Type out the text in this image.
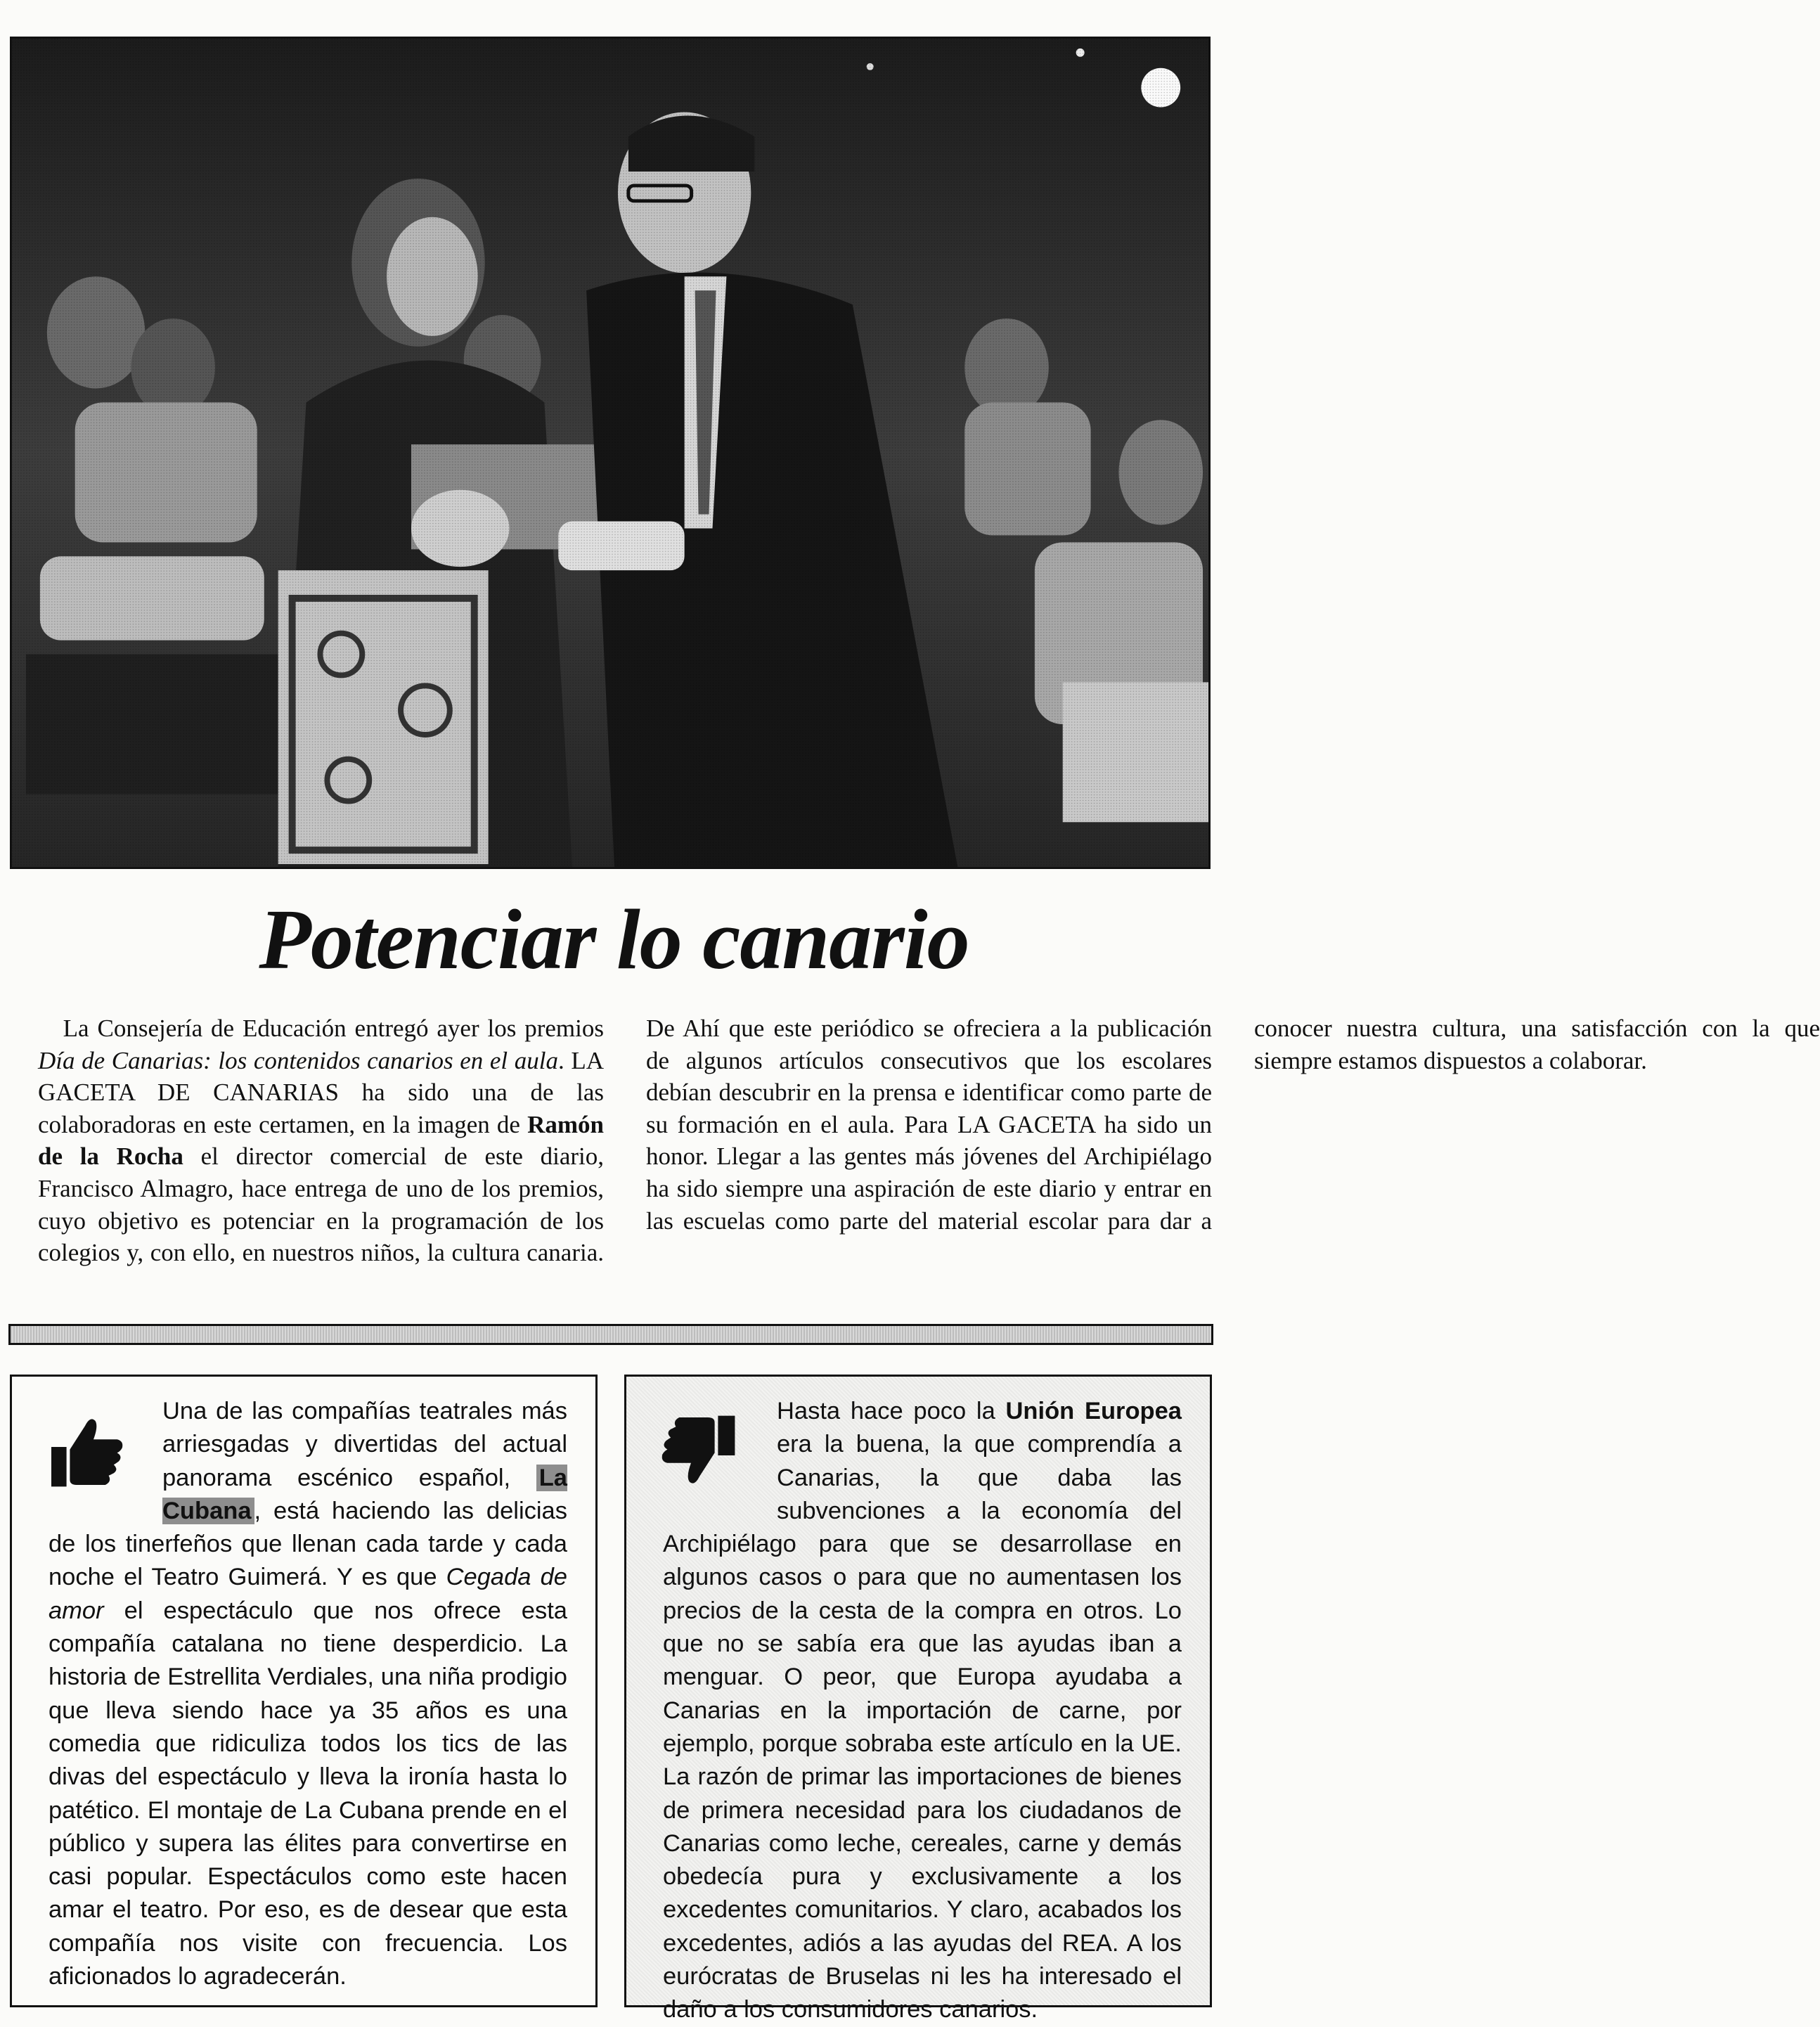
Potenciar lo canario

La Consejería de Educación entregó ayer los premios Día de Canarias: los contenidos canarios en el aula. LA GACETA DE CANARIAS ha sido una de las colaboradoras en este certamen, en la imagen de Ramón de la Rocha el director comercial de este diario, Francisco Almagro, hace entrega de uno de los premios, cuyo objetivo es potenciar en la programación de los colegios y, con ello, en nuestros niños, la cultura canaria. De Ahí que este periódico se ofreciera a la publicación de algunos artículos consecutivos que los escolares debían descubrir en la prensa e identificar como parte de su formación en el aula. Para LA GACETA ha sido un honor. Llegar a las gentes más jóvenes del Archipiélago ha sido siempre una aspiración de este diario y entrar en las escuelas como parte del material escolar para dar a conocer nuestra cultura, una satisfacción con la que siempre estamos dispuestos a colaborar.

Una de las compañías teatrales más arriesgadas y divertidas del actual panorama escénico español, La Cubana , está haciendo las delicias de los tinerfeños que llenan cada tarde y cada noche el Teatro Guimerá. Y es que Cegada de amor el espectáculo que nos ofrece esta compañía catalana no tiene desperdicio. La historia de Estrellita Verdiales, una niña prodigio que lleva siendo hace ya 35 años es una comedia que ridiculiza todos los tics de las divas del espectáculo y lleva la ironía hasta lo patético. El montaje de La Cubana prende en el público y supera las élites para convertirse en casi popular. Espectáculos como este hacen amar el teatro. Por eso, es de desear que esta compañía nos visite con frecuencia. Los aficionados lo agradecerán.

Hasta hace poco la Unión Europea era la buena, la que comprendía a Canarias, la que daba las subvenciones a la economía del Archipiélago para que se desarrollase en algunos casos o para que no aumentasen los precios de la cesta de la compra en otros. Lo que no se sabía era que las ayudas iban a menguar. O peor, que Europa ayudaba a Canarias en la importación de carne, por ejemplo, porque sobraba este artículo en la UE. La razón de primar las importaciones de bienes de primera necesidad para los ciudadanos de Canarias como leche, cereales, carne y demás obedecía pura y exclusivamente a los excedentes comunitarios. Y claro, acabados los excedentes, adiós a las ayudas del REA. A los eurócratas de Bruselas ni les ha interesado el daño a los consumidores canarios.
